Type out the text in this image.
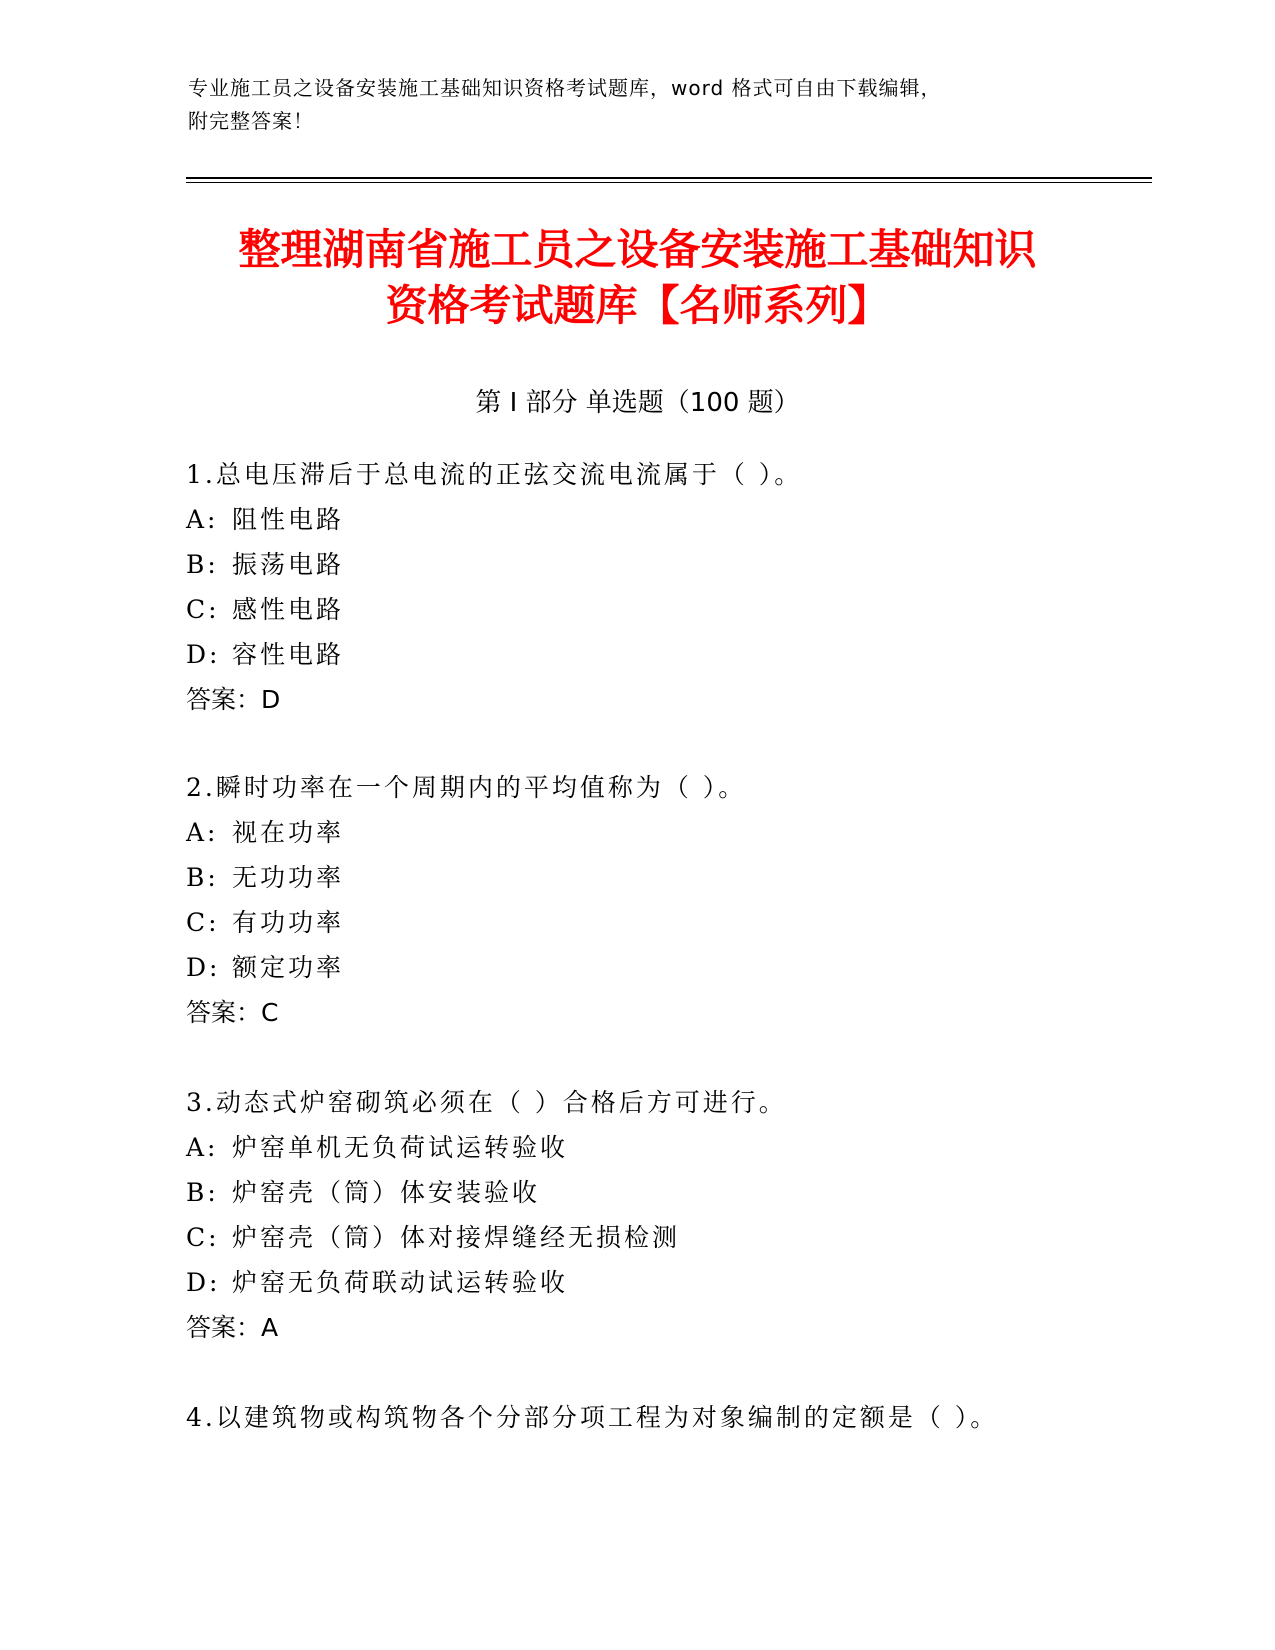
专业施工员之设备安装施工基础知识资格考试题库，word 格式可自由下载编辑，
附完整答案！
整理湖南省施工员之设备安装施工基础知识
资格考试题库【名师系列】
第 I 部分 单选题（100 题）
1.总电压滞后于总电流的正弦交流电流属于（ ）。
A: 阻性电路
B: 振荡电路
C: 感性电路
D: 容性电路
答案：D
2.瞬时功率在一个周期内的平均值称为（ ）。
A: 视在功率
B: 无功功率
C: 有功功率
D: 额定功率
答案：C
3.动态式炉窑砌筑必须在（ ）合格后方可进行。
A: 炉窑单机无负荷试运转验收
B: 炉窑壳（筒）体安装验收
C: 炉窑壳（筒）体对接焊缝经无损检测
D: 炉窑无负荷联动试运转验收
答案：A
4.以建筑物或构筑物各个分部分项工程为对象编制的定额是（ ）。
